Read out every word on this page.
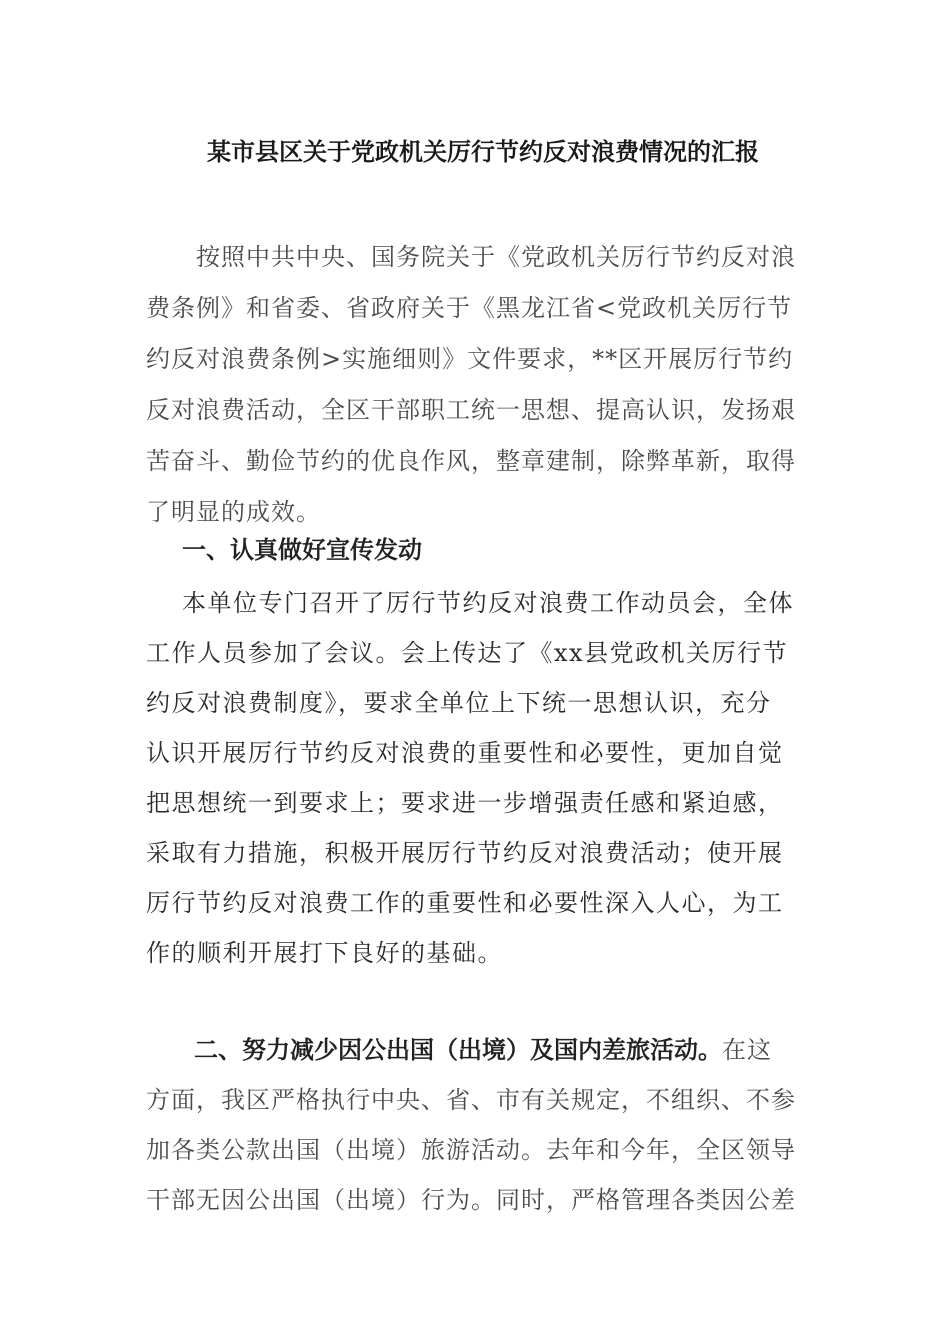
某市县区关于党政机关厉行节约反对浪费情况的汇报
按照中共中央、国务院关于《党政机关厉行节约反对浪
费条例》和省委、省政府关于《黑龙江省<党政机关厉行节
约反对浪费条例>实施细则》文件要求，**区开展厉行节约
反对浪费活动，全区干部职工统一思想、提高认识，发扬艰
苦奋斗、勤俭节约的优良作风，整章建制，除弊革新，取得
了明显的成效。
一、认真做好宣传发动
本单位专门召开了厉行节约反对浪费工作动员会，全体
工作人员参加了会议。会上传达了《xx县党政机关厉行节
约反对浪费制度》，要求全单位上下统一思想认识，充分
认识开展厉行节约反对浪费的重要性和必要性，更加自觉
把思想统一到要求上；要求进一步增强责任感和紧迫感，
采取有力措施，积极开展厉行节约反对浪费活动；使开展
厉行节约反对浪费工作的重要性和必要性深入人心，为工
作的顺利开展打下良好的基础。
二、努力减少因公出国（出境）及国内差旅活动。在这
方面，我区严格执行中央、省、市有关规定，不组织、不参
加各类公款出国（出境）旅游活动。去年和今年，全区领导
干部无因公出国（出境）行为。同时，严格管理各类因公差
